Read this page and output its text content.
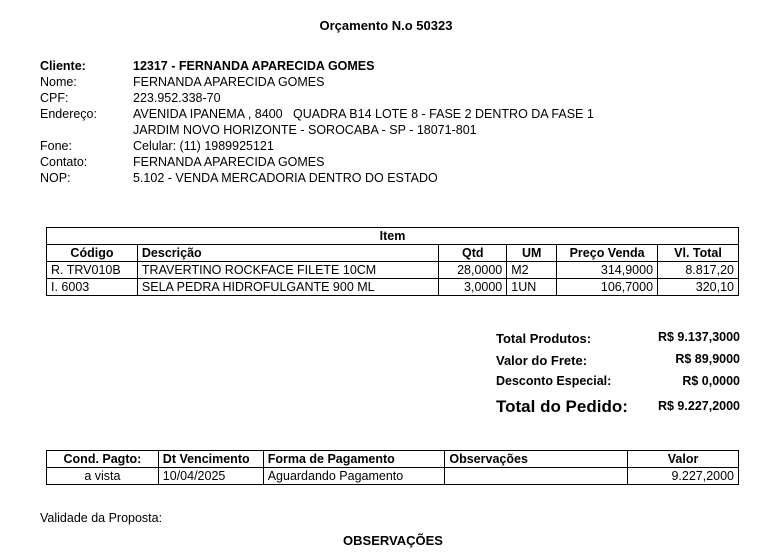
Orçamento N.o 50323
Cliente:	12317 - FERNANDA APARECIDA GOMES
Nome:	FERNANDA APARECIDA GOMES
CPF:	223.952.338-70
Endereço:	AVENIDA IPANEMA , 8400   QUADRA B14 LOTE 8 - FASE 2 DENTRO DA FASE 1
JARDIM NOVO HORIZONTE - SOROCABA - SP - 18071-801
Fone:	Celular: (11) 1989925121
Contato:	FERNANDA APARECIDA GOMES
NOP:	5.102 - VENDA MERCADORIA DENTRO DO ESTADO
Item					
Código	Descrição	Qtd	UM	Preço Venda	Vl. Total
R. TRV010B	TRAVERTINO ROCKFACE FILETE 10CM	28,0000	M2	314,9000	8.817,20
I. 6003	SELA PEDRA HIDROFULGANTE 900 ML	3,0000	1UN	106,7000	320,10
Total Produtos:	R$ 9.137,3000
Valor do Frete:	R$ 89,9000
Desconto Especial:	R$ 0,0000
Total do Pedido: R$ 9.227,2000
Cond. Pagto:	Dt Vencimento	Forma de Pagamento	Observações	Valor
a vista	10/04/2025	Aguardando Pagamento		9.227,2000
Validade da Proposta:
OBSERVAÇÕES
